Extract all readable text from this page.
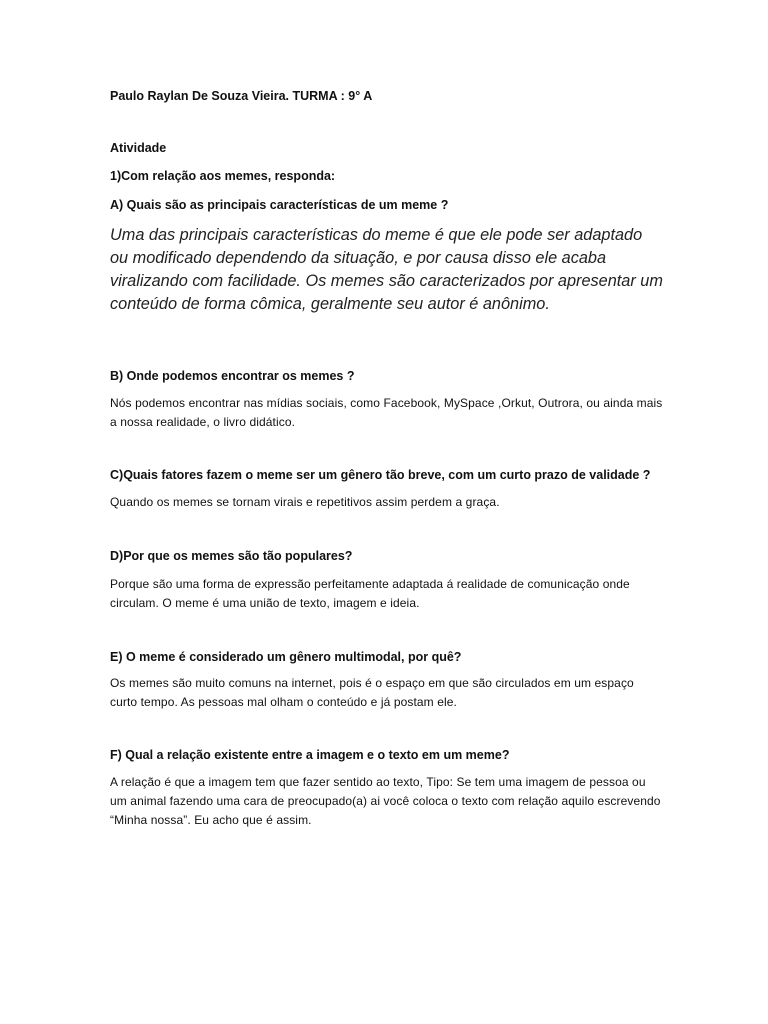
Paulo Raylan De Souza Vieira. TURMA : 9° A

Atividade

1)Com relação aos memes, responda:

A) Quais são as principais características de um meme ?

Uma das principais características do meme é que ele pode ser adaptado ou modificado dependendo da situação, e por causa disso ele acaba viralizando com facilidade. Os memes são caracterizados por apresentar um conteúdo de forma cômica, geralmente seu autor é anônimo.

B) Onde podemos encontrar os memes ?

Nós podemos encontrar nas mídias sociais, como Facebook, MySpace ,Orkut, Outrora, ou ainda mais a nossa realidade, o livro didático.

C)Quais fatores fazem o meme ser um gênero tão breve, com um curto prazo de validade ?

Quando os memes se tornam virais e repetitivos assim perdem a graça.

D)Por que os memes são tão populares?

Porque são uma forma de expressão perfeitamente adaptada á realidade de comunicação onde circulam. O meme é uma união de texto, imagem e ideia.

E) O meme é considerado um gênero multimodal, por quê?

Os memes são muito comuns na internet, pois é o espaço em que são circulados em um espaço curto tempo. As pessoas mal olham o conteúdo e já postam ele.

F) Qual a relação existente entre a imagem e o texto em um meme?

A relação é que a imagem tem que fazer sentido ao texto, Tipo: Se tem uma imagem de pessoa ou um animal fazendo uma cara de preocupado(a) ai você coloca o texto com relação aquilo escrevendo “Minha nossa”. Eu acho que é assim.
